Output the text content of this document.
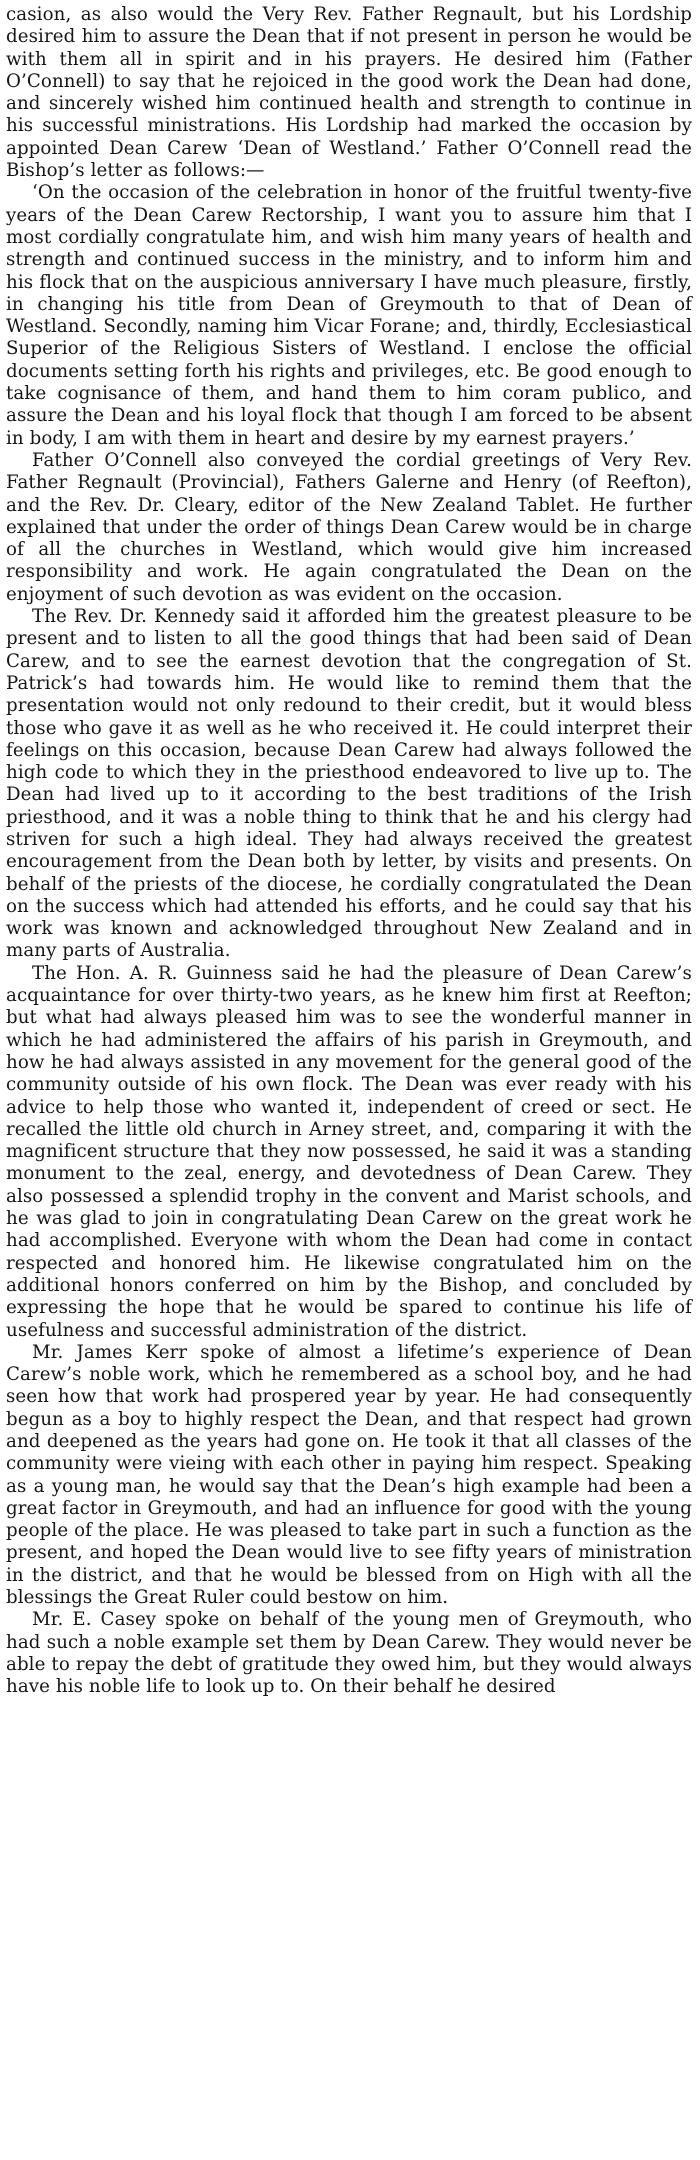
casion, as also would the Very Rev. Father Regnault, but his Lordship desired him to assure the Dean that if not present in person he would be with them all in spirit and in his prayers. He desired him (Father O’Connell) to say that he rejoiced in the good work the Dean had done, and sincerely wished him continued health and strength to continue in his successful ministrations. His Lordship had marked the occasion by appointed Dean Carew ‘Dean of Westland.’ Father O’Connell read the Bishop’s letter as follows:—

‘On the occasion of the celebration in honor of the fruitful twenty-five years of the Dean Carew Rectorship, I want you to assure him that I most cordially congratulate him, and wish him many years of health and strength and continued success in the ministry, and to inform him and his flock that on the auspicious anniversary I have much pleasure, firstly, in changing his title from Dean of Greymouth to that of Dean of Westland. Secondly, naming him Vicar Forane; and, thirdly, Ecclesiastical Superior of the Religious Sisters of Westland. I enclose the official documents setting forth his rights and privileges, etc. Be good enough to take cognisance of them, and hand them to him coram publico, and assure the Dean and his loyal flock that though I am forced to be absent in body, I am with them in heart and desire by my earnest prayers.’

Father O’Connell also conveyed the cordial greetings of Very Rev. Father Regnault (Provincial), Fathers Galerne and Henry (of Reefton), and the Rev. Dr. Cleary, editor of the New Zealand Tablet. He further explained that under the order of things Dean Carew would be in charge of all the churches in Westland, which would give him increased responsibility and work. He again congratulated the Dean on the enjoyment of such devotion as was evident on the occasion.

The Rev. Dr. Kennedy said it afforded him the greatest pleasure to be present and to listen to all the good things that had been said of Dean Carew, and to see the earnest devotion that the congregation of St. Patrick’s had towards him. He would like to remind them that the presentation would not only redound to their credit, but it would bless those who gave it as well as he who received it. He could interpret their feelings on this occasion, because Dean Carew had always followed the high code to which they in the priesthood endeavored to live up to. The Dean had lived up to it according to the best traditions of the Irish priesthood, and it was a noble thing to think that he and his clergy had striven for such a high ideal. They had always received the greatest encouragement from the Dean both by letter, by visits and presents. On behalf of the priests of the diocese, he cordially congratulated the Dean on the success which had attended his efforts, and he could say that his work was known and acknowledged throughout New Zealand and in many parts of Australia.

The Hon. A. R. Guinness said he had the pleasure of Dean Carew’s acquaintance for over thirty-two years, as he knew him first at Reefton; but what had always pleased him was to see the wonderful manner in which he had administered the affairs of his parish in Greymouth, and how he had always assisted in any movement for the general good of the community outside of his own flock. The Dean was ever ready with his advice to help those who wanted it, independent of creed or sect. He recalled the little old church in Arney street, and, comparing it with the magnificent structure that they now possessed, he said it was a standing monument to the zeal, energy, and devotedness of Dean Carew. They also possessed a splendid trophy in the convent and Marist schools, and he was glad to join in congratulating Dean Carew on the great work he had accomplished. Everyone with whom the Dean had come in contact respected and honored him. He likewise congratulated him on the additional honors conferred on him by the Bishop, and concluded by expressing the hope that he would be spared to continue his life of usefulness and successful administration of the district.

Mr. James Kerr spoke of almost a lifetime’s experience of Dean Carew’s noble work, which he remembered as a school boy, and he had seen how that work had prospered year by year. He had consequently begun as a boy to highly respect the Dean, and that respect had grown and deepened as the years had gone on. He took it that all classes of the community were vieing with each other in paying him respect. Speaking as a young man, he would say that the Dean’s high example had been a great factor in Greymouth, and had an influence for good with the young people of the place. He was pleased to take part in such a function as the present, and hoped the Dean would live to see fifty years of ministration in the district, and that he would be blessed from on High with all the blessings the Great Ruler could bestow on him.

Mr. E. Casey spoke on behalf of the young men of Greymouth, who had such a noble example set them by Dean Carew. They would never be able to repay the debt of gratitude they owed him, but they would always have his noble life to look up to. On their behalf he desired
